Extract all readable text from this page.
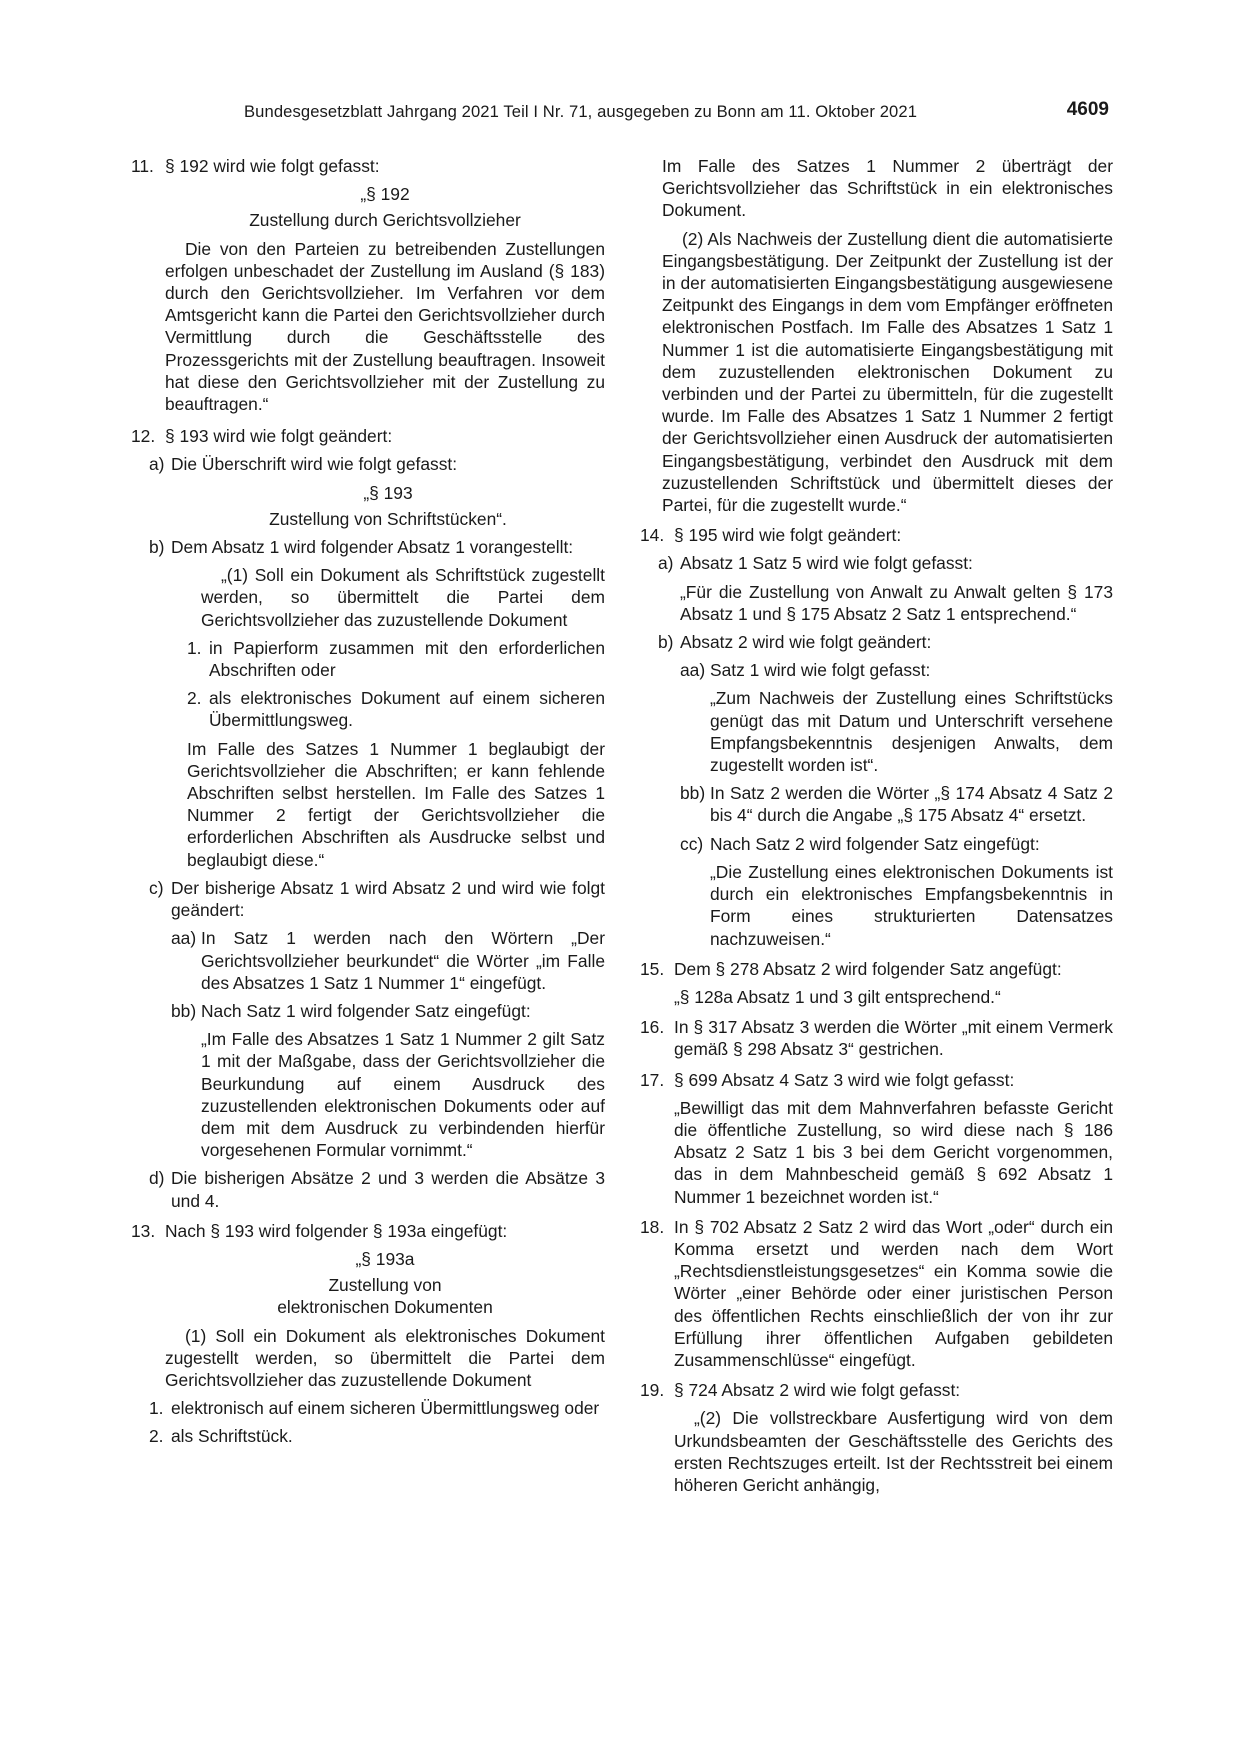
Bundesgesetzblatt Jahrgang 2021 Teil I Nr. 71, ausgegeben zu Bonn am 11. Oktober 2021	4609
11. § 192 wird wie folgt gefasst:

„§ 192

Zustellung durch Gerichtsvollzieher

Die von den Parteien zu betreibenden Zustellungen erfolgen unbeschadet der Zustellung im Ausland (§ 183) durch den Gerichtsvollzieher. Im Verfahren vor dem Amtsgericht kann die Partei den Gerichtsvollzieher durch Vermittlung durch die Geschäftsstelle des Prozessgerichts mit der Zustellung beauftragen. Insoweit hat diese den Gerichtsvollzieher mit der Zustellung zu beauftragen.“

12. § 193 wird wie folgt geändert:

a) Die Überschrift wird wie folgt gefasst:

„§ 193

Zustellung von Schriftstücken“.

b) Dem Absatz 1 wird folgender Absatz 1 vorangestellt:

„(1) Soll ein Dokument als Schriftstück zugestellt werden, so übermittelt die Partei dem Gerichtsvollzieher das zuzustellende Dokument

1. in Papierform zusammen mit den erforderlichen Abschriften oder

2. als elektronisches Dokument auf einem sicheren Übermittlungsweg.

Im Falle des Satzes 1 Nummer 1 beglaubigt der Gerichtsvollzieher die Abschriften; er kann fehlende Abschriften selbst herstellen. Im Falle des Satzes 1 Nummer 2 fertigt der Gerichtsvollzieher die erforderlichen Abschriften als Ausdrucke selbst und beglaubigt diese.“

c) Der bisherige Absatz 1 wird Absatz 2 und wird wie folgt geändert:

aa) In Satz 1 werden nach den Wörtern „Der Gerichtsvollzieher beurkundet“ die Wörter „im Falle des Absatzes 1 Satz 1 Nummer 1“ eingefügt.

bb) Nach Satz 1 wird folgender Satz eingefügt:

„Im Falle des Absatzes 1 Satz 1 Nummer 2 gilt Satz 1 mit der Maßgabe, dass der Gerichtsvollzieher die Beurkundung auf einem Ausdruck des zuzustellenden elektronischen Dokuments oder auf dem mit dem Ausdruck zu verbindenden hierfür vorgesehenen Formular vornimmt.“

d) Die bisherigen Absätze 2 und 3 werden die Absätze 3 und 4.

13. Nach § 193 wird folgender § 193a eingefügt:

„§ 193a

Zustellung von

elektronischen Dokumenten

(1) Soll ein Dokument als elektronisches Dokument zugestellt werden, so übermittelt die Partei dem Gerichtsvollzieher das zuzustellende Dokument

1. elektronisch auf einem sicheren Übermittlungsweg oder

2. als Schriftstück.

Im Falle des Satzes 1 Nummer 2 überträgt der Gerichtsvollzieher das Schriftstück in ein elektronisches Dokument.

(2) Als Nachweis der Zustellung dient die automatisierte Eingangsbestätigung. Der Zeitpunkt der Zustellung ist der in der automatisierten Eingangsbestätigung ausgewiesene Zeitpunkt des Eingangs in dem vom Empfänger eröffneten elektronischen Postfach. Im Falle des Absatzes 1 Satz 1 Nummer 1 ist die automatisierte Eingangsbestätigung mit dem zuzustellenden elektronischen Dokument zu verbinden und der Partei zu übermitteln, für die zugestellt wurde. Im Falle des Absatzes 1 Satz 1 Nummer 2 fertigt der Gerichtsvollzieher einen Ausdruck der automatisierten Eingangsbestätigung, verbindet den Ausdruck mit dem zuzustellenden Schriftstück und übermittelt dieses der Partei, für die zugestellt wurde.“

14. § 195 wird wie folgt geändert:

a) Absatz 1 Satz 5 wird wie folgt gefasst:

„Für die Zustellung von Anwalt zu Anwalt gelten § 173 Absatz 1 und § 175 Absatz 2 Satz 1 entsprechend.“

b) Absatz 2 wird wie folgt geändert:

aa) Satz 1 wird wie folgt gefasst:

„Zum Nachweis der Zustellung eines Schriftstücks genügt das mit Datum und Unterschrift versehene Empfangsbekenntnis desjenigen Anwalts, dem zugestellt worden ist“.

bb) In Satz 2 werden die Wörter „§ 174 Absatz 4 Satz 2 bis 4“ durch die Angabe „§ 175 Absatz 4“ ersetzt.

cc) Nach Satz 2 wird folgender Satz eingefügt:

„Die Zustellung eines elektronischen Dokuments ist durch ein elektronisches Empfangsbekenntnis in Form eines strukturierten Datensatzes nachzuweisen.“

15. Dem § 278 Absatz 2 wird folgender Satz angefügt:

„§ 128a Absatz 1 und 3 gilt entsprechend.“

16. In § 317 Absatz 3 werden die Wörter „mit einem Vermerk gemäß § 298 Absatz 3“ gestrichen.

17. § 699 Absatz 4 Satz 3 wird wie folgt gefasst:

„Bewilligt das mit dem Mahnverfahren befasste Gericht die öffentliche Zustellung, so wird diese nach § 186 Absatz 2 Satz 1 bis 3 bei dem Gericht vorgenommen, das in dem Mahnbescheid gemäß § 692 Absatz 1 Nummer 1 bezeichnet worden ist.“

18. In § 702 Absatz 2 Satz 2 wird das Wort „oder“ durch ein Komma ersetzt und werden nach dem Wort „Rechtsdienstleistungsgesetzes“ ein Komma sowie die Wörter „einer Behörde oder einer juristischen Person des öffentlichen Rechts einschließlich der von ihr zur Erfüllung ihrer öffentlichen Aufgaben gebildeten Zusammenschlüsse“ eingefügt.

19. § 724 Absatz 2 wird wie folgt gefasst:

„(2) Die vollstreckbare Ausfertigung wird von dem Urkundsbeamten der Geschäftsstelle des Gerichts des ersten Rechtszuges erteilt. Ist der Rechtsstreit bei einem höheren Gericht anhängig,
